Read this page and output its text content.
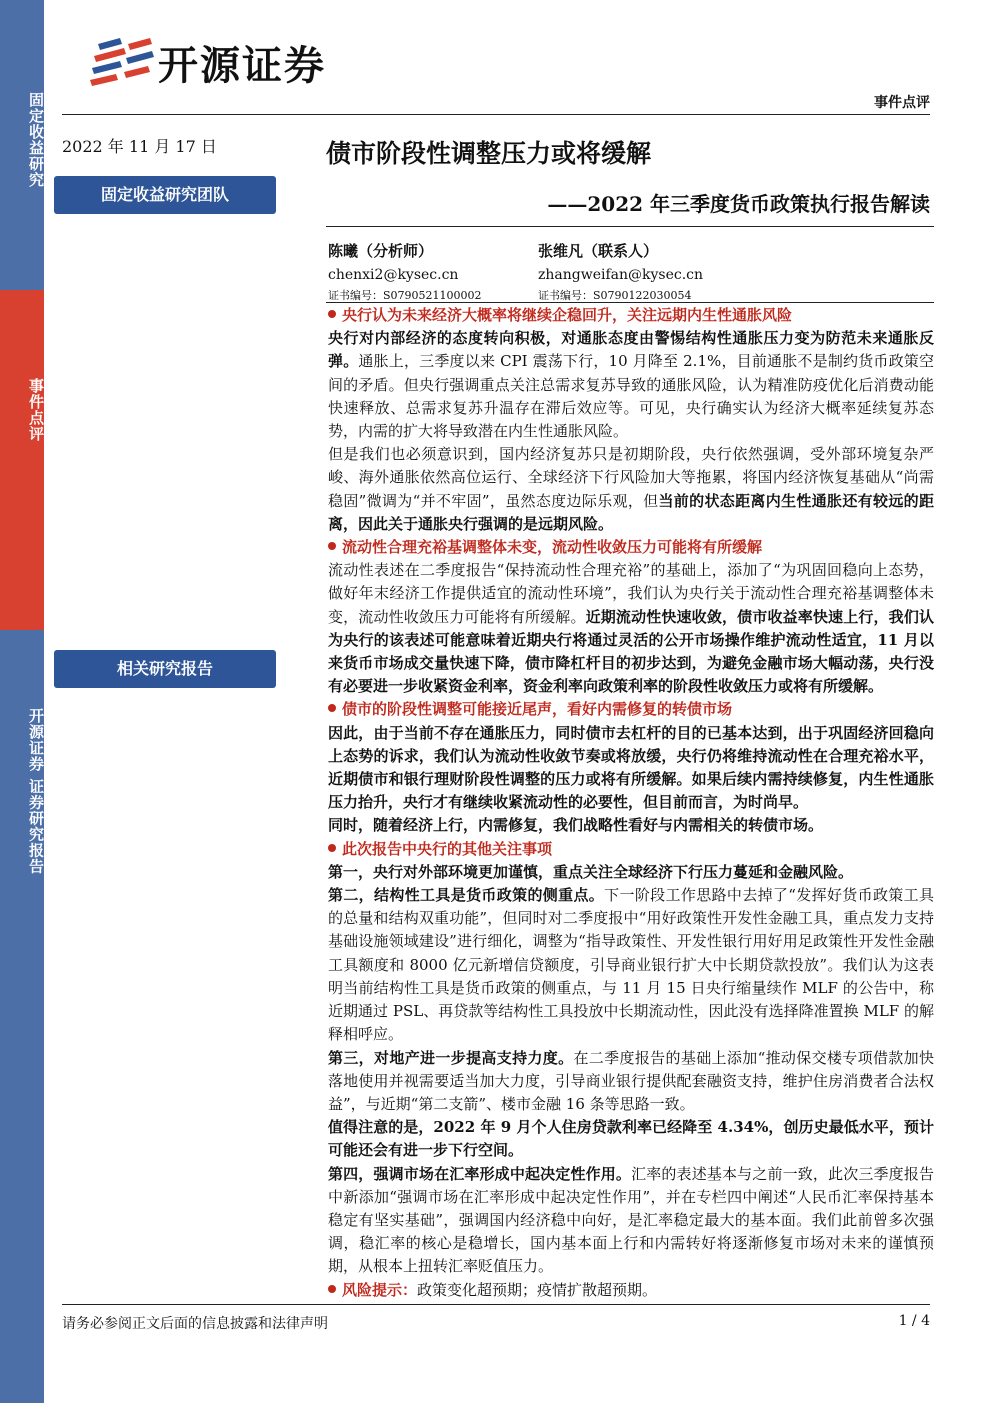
固定收益研究
事件点评
开源证券 证券研究报告
开源证券
事件点评
2022 年 11 月 17 日	债市阶段性调整压力或将缓解
固定收益研究团队	——2022 年三季度货币政策执行报告解读
陈曦（分析师）
chenxi2@kysec.cn
证书编号：S0790521100002
张维凡（联系人）
zhangweifan@kysec.cn
证书编号：S0790122030054
相关研究报告

央行认为未来经济大概率将继续企稳回升，关注远期内生性通胀风险

央行对内部经济的态度转向积极，对通胀态度由警惕结构性通胀压力变为防范未来通胀反弹。通胀上，三季度以来 CPI 震荡下行，10 月降至 2.1%，目前通胀不是制约货币政策空间的矛盾。但央行强调重点关注总需求复苏导致的通胀风险，认为精准防疫优化后消费动能快速释放、总需求复苏升温存在滞后效应等。可见，央行确实认为经济大概率延续复苏态势，内需的扩大将导致潜在内生性通胀风险。

但是我们也必须意识到，国内经济复苏只是初期阶段，央行依然强调，受外部环境复杂严峻、海外通胀依然高位运行、全球经济下行风险加大等拖累，将国内经济恢复基础从“尚需稳固”微调为“并不牢固”，虽然态度边际乐观，但当前的状态距离内生性通胀还有较远的距离，因此关于通胀央行强调的是远期风险。

流动性合理充裕基调整体未变，流动性收敛压力可能将有所缓解

流动性表述在二季度报告“保持流动性合理充裕”的基础上，添加了“为巩固回稳向上态势，做好年末经济工作提供适宜的流动性环境”，我们认为央行关于流动性合理充裕基调整体未变，流动性收敛压力可能将有所缓解。近期流动性快速收敛，债市收益率快速上行，我们认为央行的该表述可能意味着近期央行将通过灵活的公开市场操作维护流动性适宜，11 月以来货币市场成交量快速下降，债市降杠杆目的初步达到，为避免金融市场大幅动荡，央行没有必要进一步收紧资金利率，资金利率向政策利率的阶段性收敛压力或将有所缓解。

债市的阶段性调整可能接近尾声，看好内需修复的转债市场

因此，由于当前不存在通胀压力，同时债市去杠杆的目的已基本达到，出于巩固经济回稳向上态势的诉求，我们认为流动性收敛节奏或将放缓，央行仍将维持流动性在合理充裕水平，近期债市和银行理财阶段性调整的压力或将有所缓解。如果后续内需持续修复，内生性通胀压力抬升，央行才有继续收紧流动性的必要性，但目前而言，为时尚早。

同时，随着经济上行，内需修复，我们战略性看好与内需相关的转债市场。

此次报告中央行的其他关注事项

第一，央行对外部环境更加谨慎，重点关注全球经济下行压力蔓延和金融风险。

第二，结构性工具是货币政策的侧重点。下一阶段工作思路中去掉了“发挥好货币政策工具的总量和结构双重功能”，但同时对二季度报中“用好政策性开发性金融工具，重点发力支持基础设施领域建设”进行细化，调整为“指导政策性、开发性银行用好用足政策性开发性金融工具额度和 8000 亿元新增信贷额度，引导商业银行扩大中长期贷款投放”。我们认为这表明当前结构性工具是货币政策的侧重点，与 11 月 15 日央行缩量续作 MLF 的公告中，称近期通过 PSL、再贷款等结构性工具投放中长期流动性，因此没有选择降准置换 MLF 的解释相呼应。

第三，对地产进一步提高支持力度。在二季度报告的基础上添加“推动保交楼专项借款加快落地使用并视需要适当加大力度，引导商业银行提供配套融资支持，维护住房消费者合法权益”，与近期“第二支箭”、楼市金融 16 条等思路一致。

值得注意的是，2022 年 9 月个人住房贷款利率已经降至 4.34%，创历史最低水平，预计可能还会有进一步下行空间。

第四，强调市场在汇率形成中起决定性作用。汇率的表述基本与之前一致，此次三季度报告中新添加“强调市场在汇率形成中起决定性作用”，并在专栏四中阐述“人民币汇率保持基本稳定有坚实基础”，强调国内经济稳中向好，是汇率稳定最大的基本面。我们此前曾多次强调，稳汇率的核心是稳增长，国内基本面上行和内需转好将逐渐修复市场对未来的谨慎预期，从根本上扭转汇率贬值压力。

风险提示：政策变化超预期；疫情扩散超预期。

请务必参阅正文后面的信息披露和法律声明	1 / 4
